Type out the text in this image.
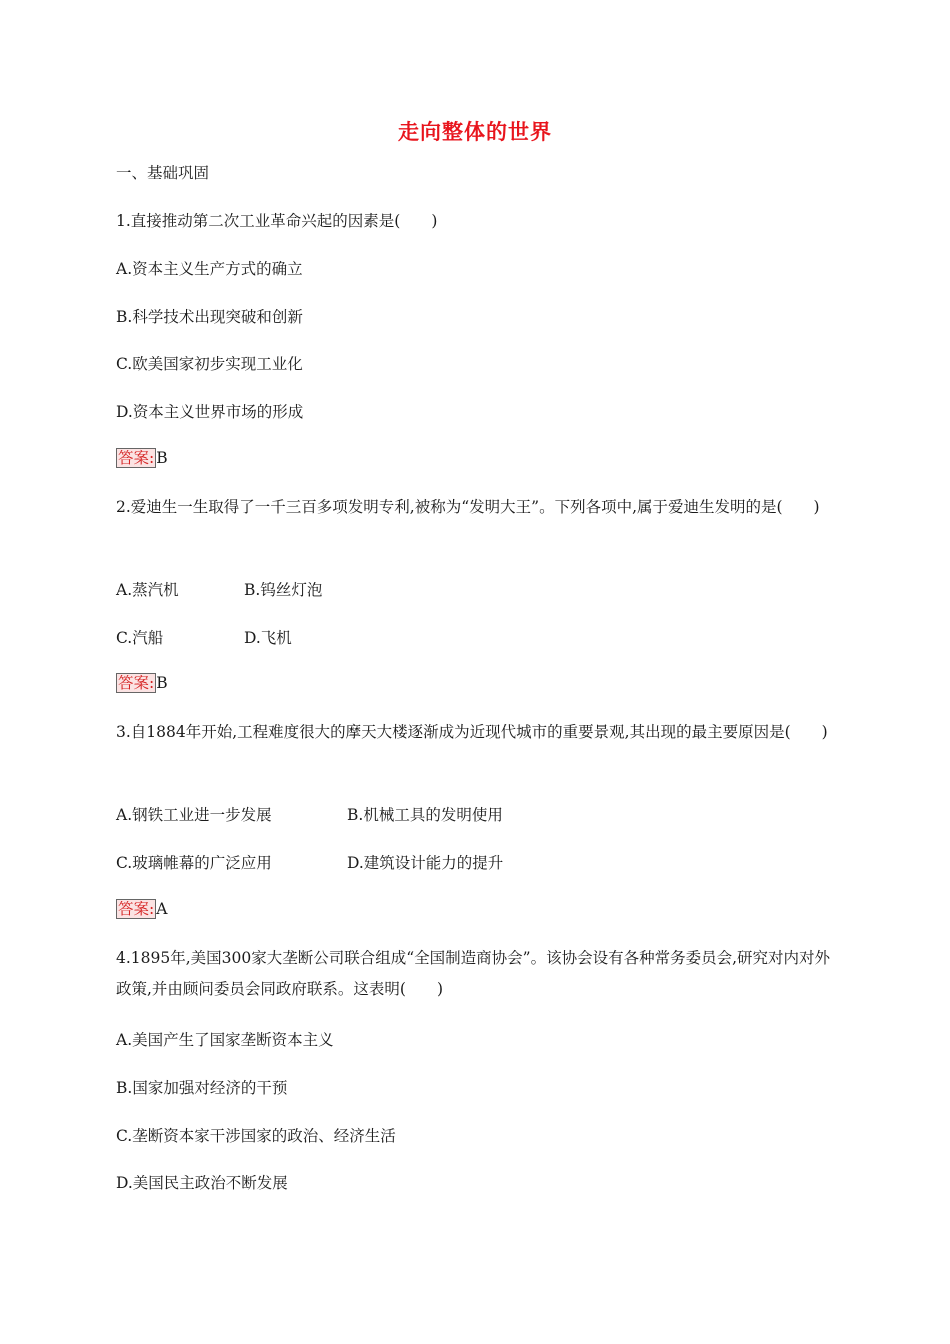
走向整体的世界
一、基础巩固
1.直接推动第二次工业革命兴起的因素是(　　)
A.资本主义生产方式的确立
B.科学技术出现突破和创新
C.欧美国家初步实现工业化
D.资本主义世界市场的形成
答案: B
2.爱迪生一生取得了一千三百多项发明专利,被称为“发明大王”。下列各项中,属于爱迪生发明的是(　　)
A.蒸汽机	B.钨丝灯泡
C.汽船	D.飞机
答案: B
3.自1884年开始,工程难度很大的摩天大楼逐渐成为近现代城市的重要景观,其出现的最主要原因是(　　)
A.钢铁工业进一步发展	B.机械工具的发明使用
C.玻璃帷幕的广泛应用	D.建筑设计能力的提升
答案: A
4.1895年,美国300家大垄断公司联合组成“全国制造商协会”。该协会设有各种常务委员会,研究对内对外政策,并由顾问委员会同政府联系。这表明(　　)
A.美国产生了国家垄断资本主义
B.国家加强对经济的干预
C.垄断资本家干涉国家的政治、经济生活
D.美国民主政治不断发展
